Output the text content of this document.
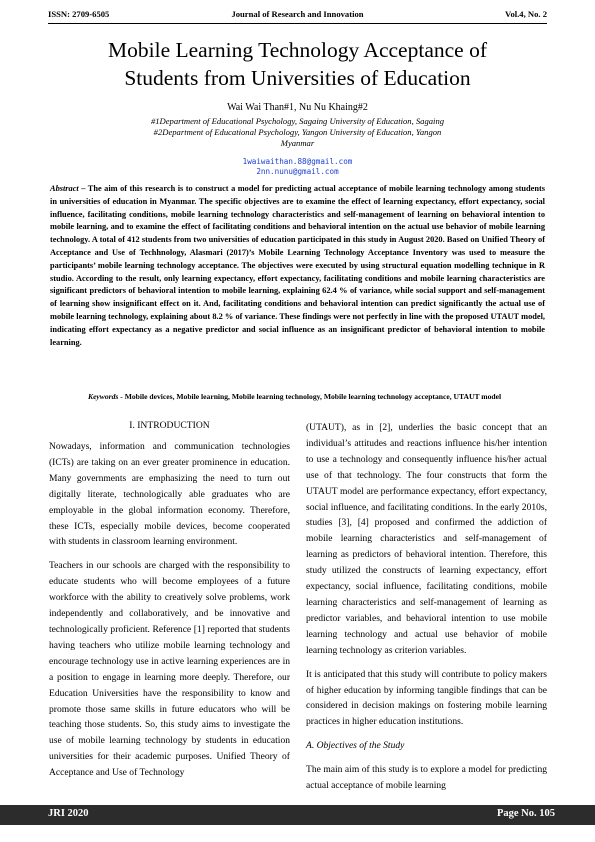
ISSN: 2709-6505	Journal of Research and Innovation	Vol.4, No. 2
Mobile Learning Technology Acceptance of
Students from Universities of Education
Wai Wai Than#1, Nu Nu Khaing#2
#1Department of Educational Psychology, Sagaing University of Education, Sagaing
#2Department of Educational Psychology, Yangon University of Education, Yangon
Myanmar
1waiwaithan.88@gmail.com
2nn.nunu@gmail.com
Abstract – The aim of this research is to construct a model for predicting actual acceptance of mobile learning technology among students in universities of education in Myanmar. The specific objectives are to examine the effect of learning expectancy, effort expectancy, social influence, facilitating conditions, mobile learning technology characteristics and self-management of learning on behavioral intention to mobile learning, and to examine the effect of facilitating conditions and behavioral intention on the actual use behavior of mobile learning technology. A total of 412 students from two universities of education participated in this study in August 2020. Based on Unified Theory of Acceptance and Use of Techhnology, Alasmari (2017)’s Mobile Learning Technology Acceptance Inventory was used to measure the participants’ mobile learning technology acceptance. The objectives were executed by using structural equation modelling technique in R studio. According to the result, only learning expectancy, effort expectancy, facilitating conditions and mobile learning characteristics are significant predictors of behavioral intention to mobile learning, explaining 62.4 % of variance, while social support and self-management of learning show insignificant effect on it. And, facilitating conditions and behavioral intention can predict significantly the actual use of mobile learning technology, explaining about 8.2 % of variance. These findings were not perfectly in line with the proposed UTAUT model, indicating effort expectancy as a negative predictor and social influence as an insignificant predictor of behavioral intention to mobile learning.
Keywords - Mobile devices, Mobile learning, Mobile learning technology, Mobile learning technology acceptance, UTAUT model
I. INTRODUCTION

Nowadays, information and communication technologies (ICTs) are taking on an ever greater prominence in education. Many governments are emphasizing the need to turn out digitally literate, technologically able graduates who are employable in the global information economy. Therefore, these ICTs, especially mobile devices, become cooperated with students in classroom learning environment.

Teachers in our schools are charged with the responsibility to educate students who will become employees of a future workforce with the ability to creatively solve problems, work independently and collaboratively, and be innovative and technologically proficient. Reference [1] reported that students having teachers who utilize mobile learning technology and encourage technology use in active learning experiences are in a position to engage in learning more deeply. Therefore, our Education Universities have the responsibility to know and promote those same skills in future educators who will be teaching those students. So, this study aims to investigate the use of mobile learning technology by students in education universities for their academic purposes. Unified Theory of Acceptance and Use of Technology

(UTAUT), as in [2], underlies the basic concept that an individual’s attitudes and reactions influence his/her intention to use a technology and consequently influence his/her actual use of that technology. The four constructs that form the UTAUT model are performance expectancy, effort expectancy, social influence, and facilitating conditions. In the early 2010s, studies [3], [4] proposed and confirmed the addiction of mobile learning characteristics and self-management of learning as predictors of behavioral intention. Therefore, this study utilized the constructs of learning expectancy, effort expectancy, social influence, facilitating conditions, mobile learning characteristics and self-management of learning as predictor variables, and behavioral intention to use mobile learning technology and actual use behavior of mobile learning technology as criterion variables.

It is anticipated that this study will contribute to policy makers of higher education by informing tangible findings that can be considered in decision makings on fostering mobile learning practices in higher education institutions.

A. Objectives of the Study

The main aim of this study is to explore a model for predicting actual acceptance of mobile learning

JRI 2020	Page No. 105
